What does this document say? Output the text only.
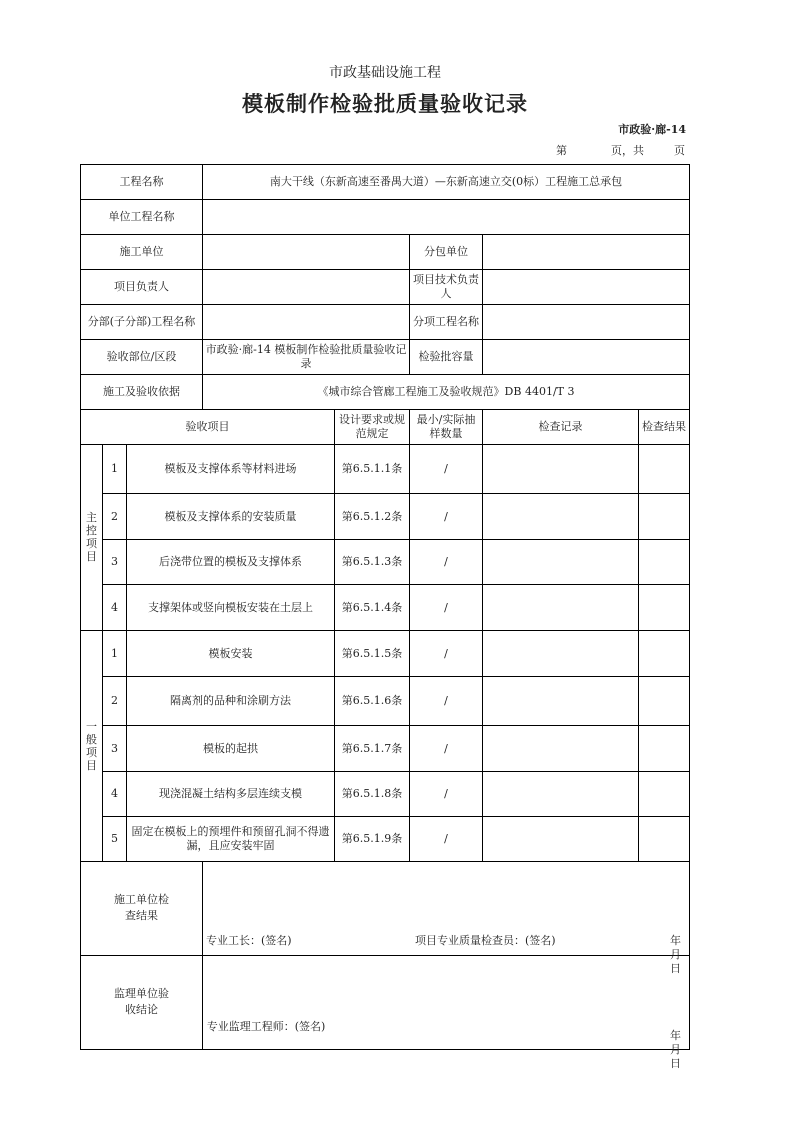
市政基础设施工程
模板制作检验批质量验收记录
市政验·廊-14
第	页，共	页
工程名称			南大干线（东新高速至番禺大道）—东新高速立交(0标）工程施工总承包				
单位工程名称							
施工单位					分包单位		
项目负责人					项目技术负责人		
分部(子分部)工程名称					分项工程名称		
验收部位/区段			市政验·廊-14 模板制作检验批质量验收记录		检验批容量		
施工及验收依据			《城市综合管廊工程施工及验收规范》DB 4401/T 3				
验收项目				设计要求或规范规定	最小/实际抽样数量	检查记录	检查结果
主控项目	1	模板及支撑体系等材料进场		第6.5.1.1条	/		
	2	模板及支撑体系的安装质量		第6.5.1.2条	/		
	3	后浇带位置的模板及支撑体系		第6.5.1.3条	/		
	4	支撑架体或竖向模板安装在土层上		第6.5.1.4条	/		
一般项目	1	模板安装		第6.5.1.5条	/		
	2	隔离剂的品种和涂刷方法		第6.5.1.6条	/		
	3	模板的起拱		第6.5.1.7条	/		
	4	现浇混凝土结构多层连续支模		第6.5.1.8条	/		
	5	固定在模板上的预埋件和预留孔洞不得遗漏，且应安装牢固		第6.5.1.9条	/		

施工单位检查结果			专业工长：(签名) 项目专业质量检查员：(签名) 年　月　日				

监理单位验收结论			专业监理工程师：(签名)
年　月　日				
